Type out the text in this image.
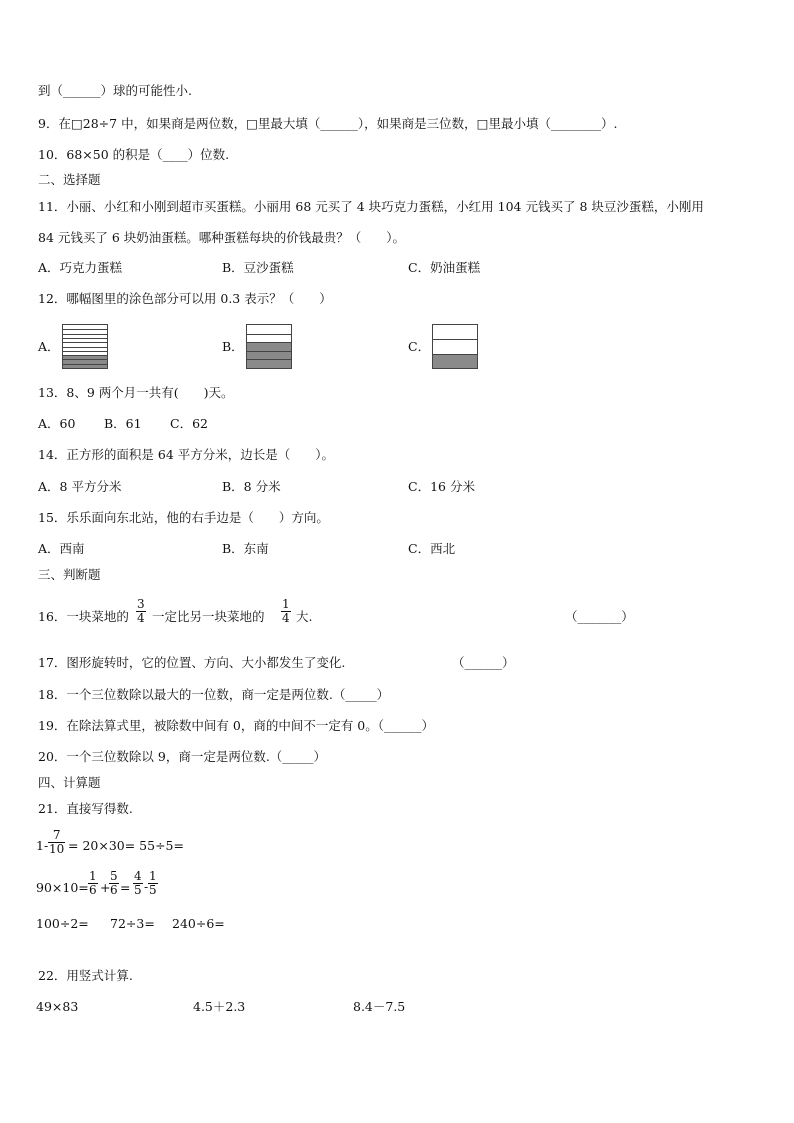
到（______）球的可能性小.
9．在□28÷7 中，如果商是两位数，□里最大填（______），如果商是三位数，□里最小填（________）.
10．68×50 的积是（____）位数.
二、选择题
11．小丽、小红和小刚到超市买蛋糕。小丽用 68 元买了 4 块巧克力蛋糕，小红用 104 元钱买了 8 块豆沙蛋糕，小刚用
84 元钱买了 6 块奶油蛋糕。哪种蛋糕每块的价钱最贵？（　　）。
A．巧克力蛋糕	B．豆沙蛋糕	C．奶油蛋糕
12．哪幅图里的涂色部分可以用 0.3 表示？（　　）
A．	B．	C．
13．8、9 两个月一共有(　　)天。
A．60 B．61 C．62
14．正方形的面积是 64 平方分米，边长是（　　）。
A．8 平方分米	B．8 分米	C．16 分米
15．乐乐面向东北站，他的右手边是（　　）方向。
A．西南	B．东南	C．西北
三、判断题
16．一块菜地的
3
4 一定比另一块菜地的
1
4 大.	（_______）
17．图形旋转时，它的位置、方向、大小都发生了变化.	（______）
18．一个三位数除以最大的一位数，商一定是两位数.（_____）
19．在除法算式里，被除数中间有 0，商的中间不一定有 0。（______）
20．一个三位数除以 9，商一定是两位数.（_____）
四、计算题
21．直接写得数.
1-
7
10 = 20×30= 55÷5=
90×10=
1
6 +
5
6 =
4
5 -
1
5
100÷2= 72÷3= 240÷6=
22．用竖式计算.
49×83	4.5＋2.3	8.4－7.5
